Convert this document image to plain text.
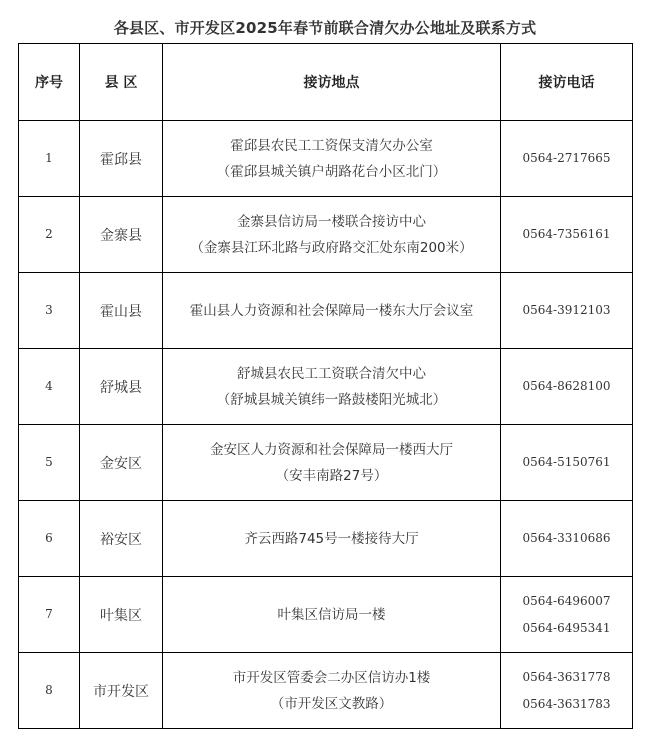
各县区、市开发区2025年春节前联合清欠办公地址及联系方式
序号	县 区	接访地点	接访电话
1	霍邱县	霍邱县农民工工资保支清欠办公室
（霍邱县城关镇户胡路花台小区北门）	0564-2717665

2	金寨县	金寨县信访局一楼联合接访中心
（金寨县江环北路与政府路交汇处东南200米）	0564-7356161

3	霍山县	霍山县人力资源和社会保障局一楼东大厅会议室	0564-3912103

4	舒城县	舒城县农民工工资联合清欠中心
（舒城县城关镇纬一路鼓楼阳光城北）	0564-8628100

5	金安区	金安区人力资源和社会保障局一楼西大厅
（安丰南路27号）	0564-5150761

6	裕安区	齐云西路745号一楼接待大厅	0564-3310686

7	叶集区	叶集区信访局一楼	0564-6496007
0564-6495341

8	市开发区	市开发区管委会二办区信访办1楼
（市开发区文教路）	0564-3631778
0564-3631783
